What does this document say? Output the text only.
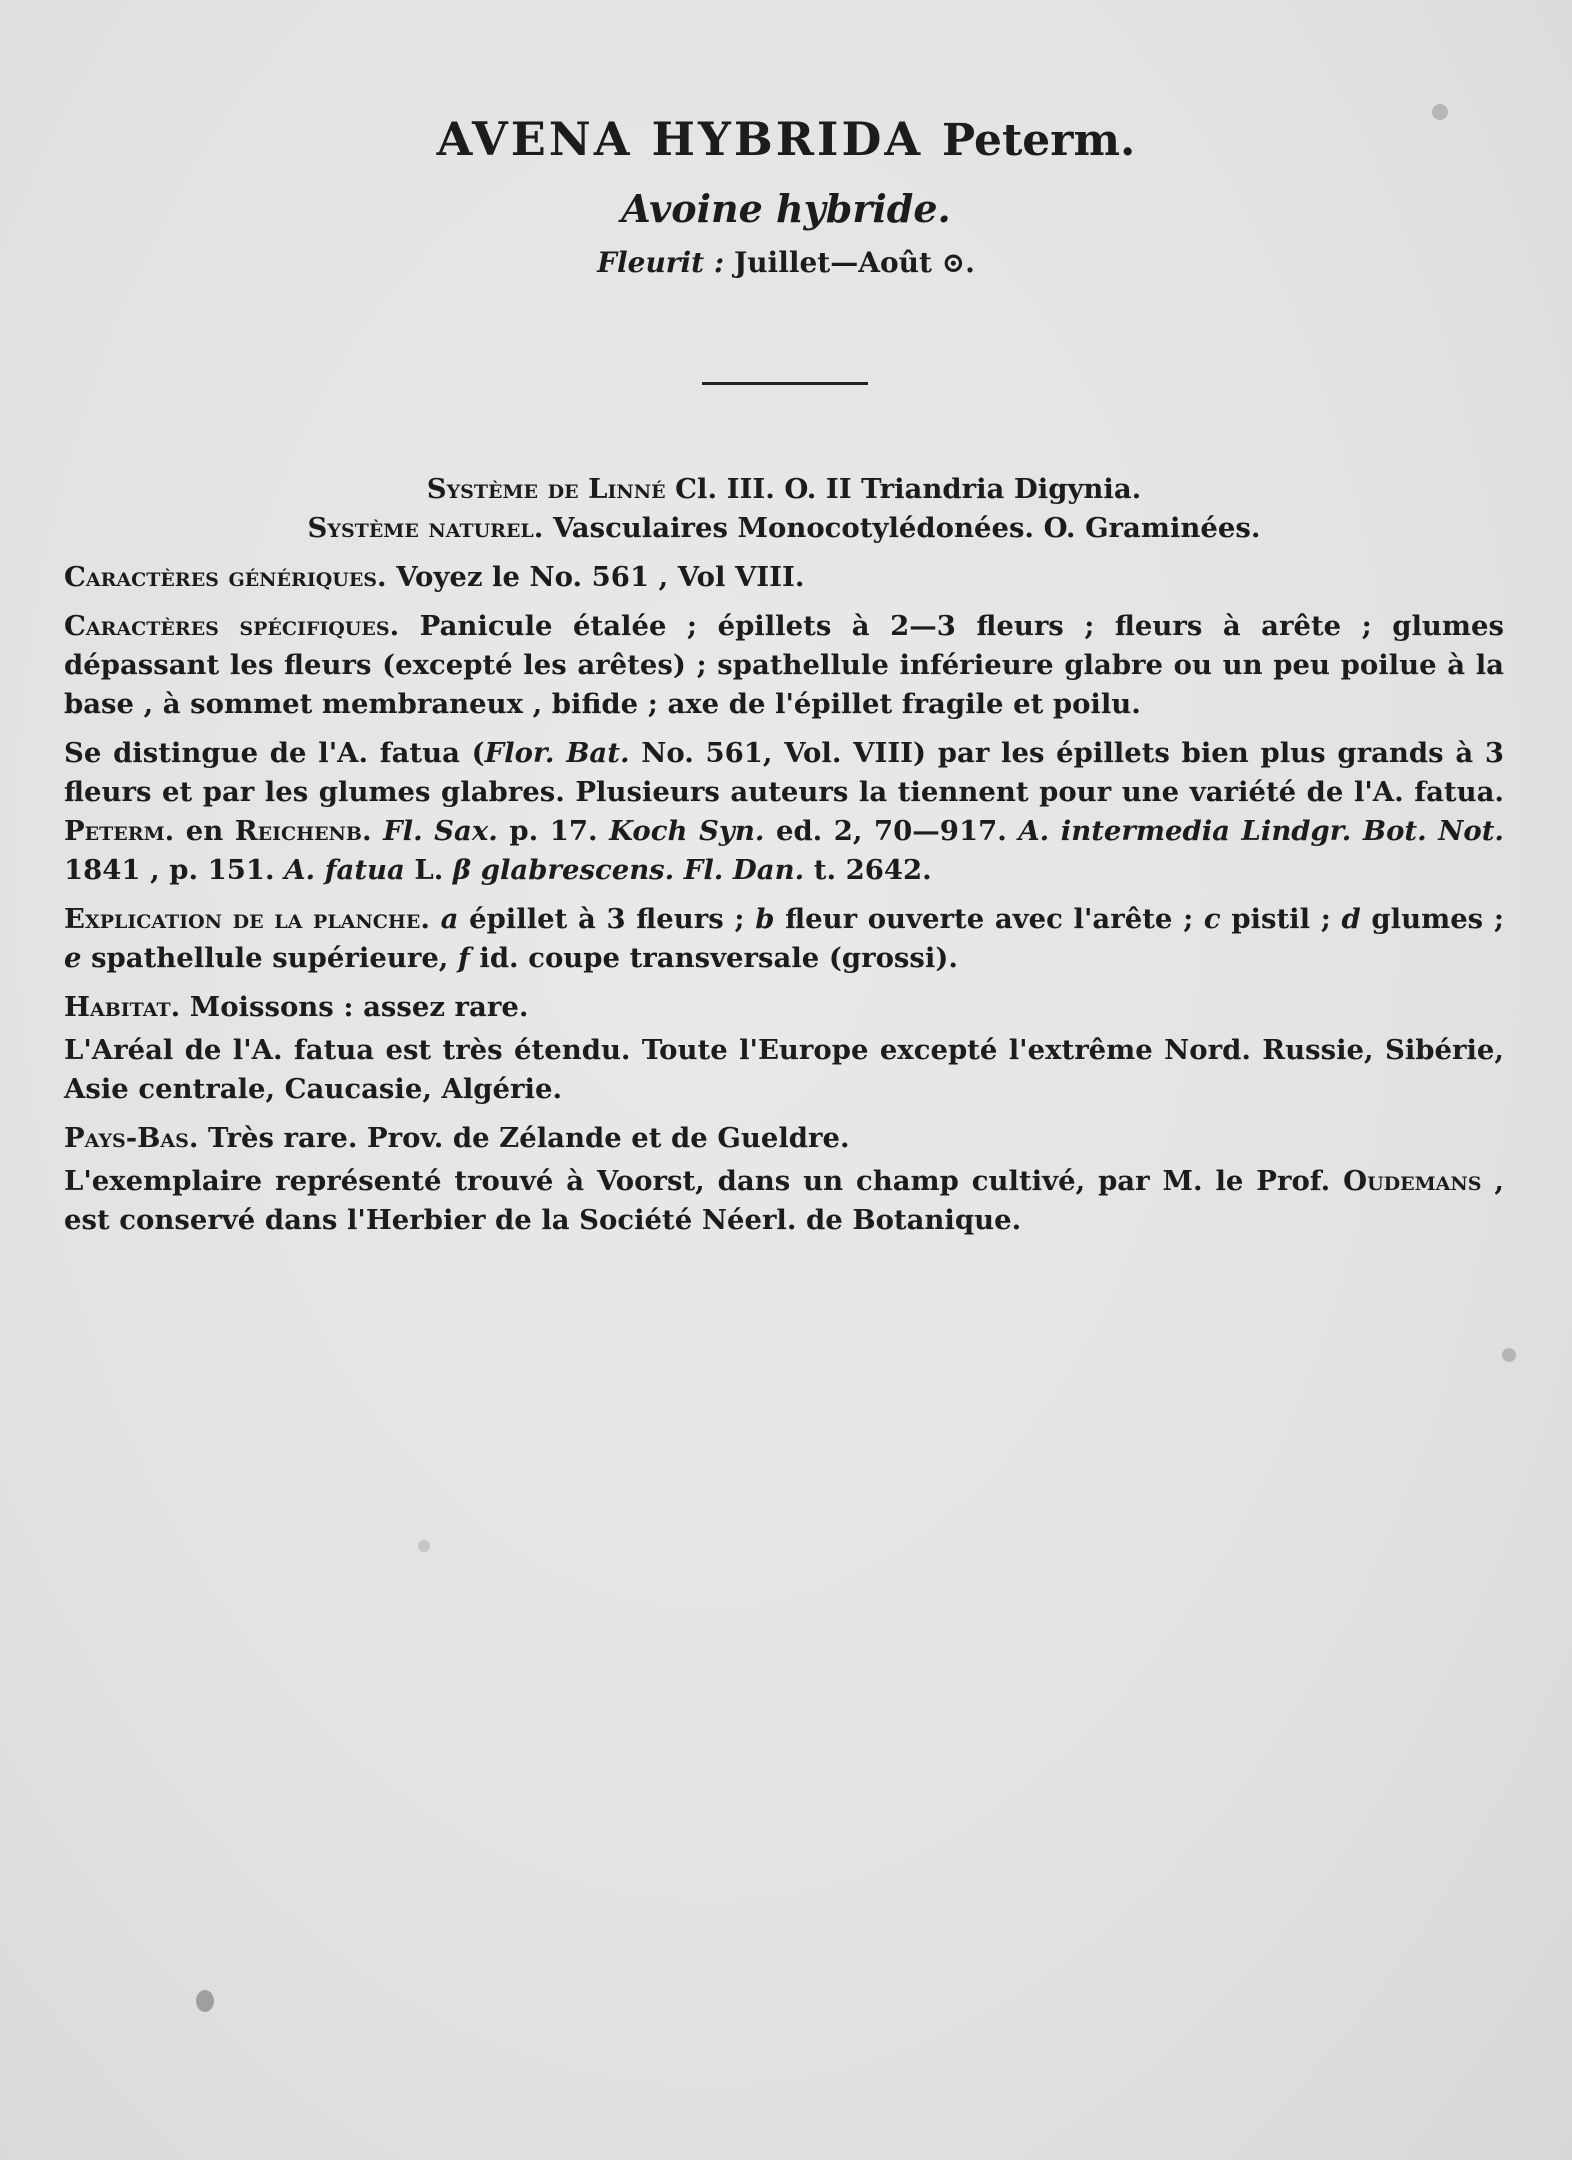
AVENA HYBRIDA Peterm.
Avoine hybride.
Fleurit : Juillet—Août ⊙.

Système de Linné Cl. III. O. II Triandria Digynia.

Système naturel. Vasculaires Monocotylédonées. O. Graminées.

Caractères génériques. Voyez le No. 561 , Vol VIII.

Caractères spécifiques. Panicule étalée ; épillets à 2—3 fleurs ; fleurs à arête ; glumes dépassant les fleurs (excepté les arêtes) ; spathellule inférieure glabre ou un peu poilue à la base , à sommet membraneux , bifide ; axe de l'épillet fragile et poilu.

Se distingue de l'A. fatua (Flor. Bat. No. 561, Vol. VIII) par les épillets bien plus grands à 3 fleurs et par les glumes glabres. Plusieurs auteurs la tiennent pour une variété de l'A. fatua. Peterm. en Reichenb. Fl. Sax. p. 17. Koch Syn. ed. 2, 70—917. A. intermedia Lindgr. Bot. Not. 1841 , p. 151. A. fatua L. β glabrescens. Fl. Dan. t. 2642.

Explication de la planche. a épillet à 3 fleurs ; b fleur ouverte avec l'arête ; c pistil ; d glumes ; e spathellule supérieure, f id. coupe transversale (grossi).

Habitat. Moissons : assez rare.

L'Aréal de l'A. fatua est très étendu. Toute l'Europe excepté l'extrême Nord. Russie, Sibérie, Asie centrale, Caucasie, Algérie.

Pays-Bas. Très rare. Prov. de Zélande et de Gueldre.

L'exemplaire représenté trouvé à Voorst, dans un champ cultivé, par M. le Prof. Oudemans , est conservé dans l'Herbier de la Société Néerl. de Botanique.
